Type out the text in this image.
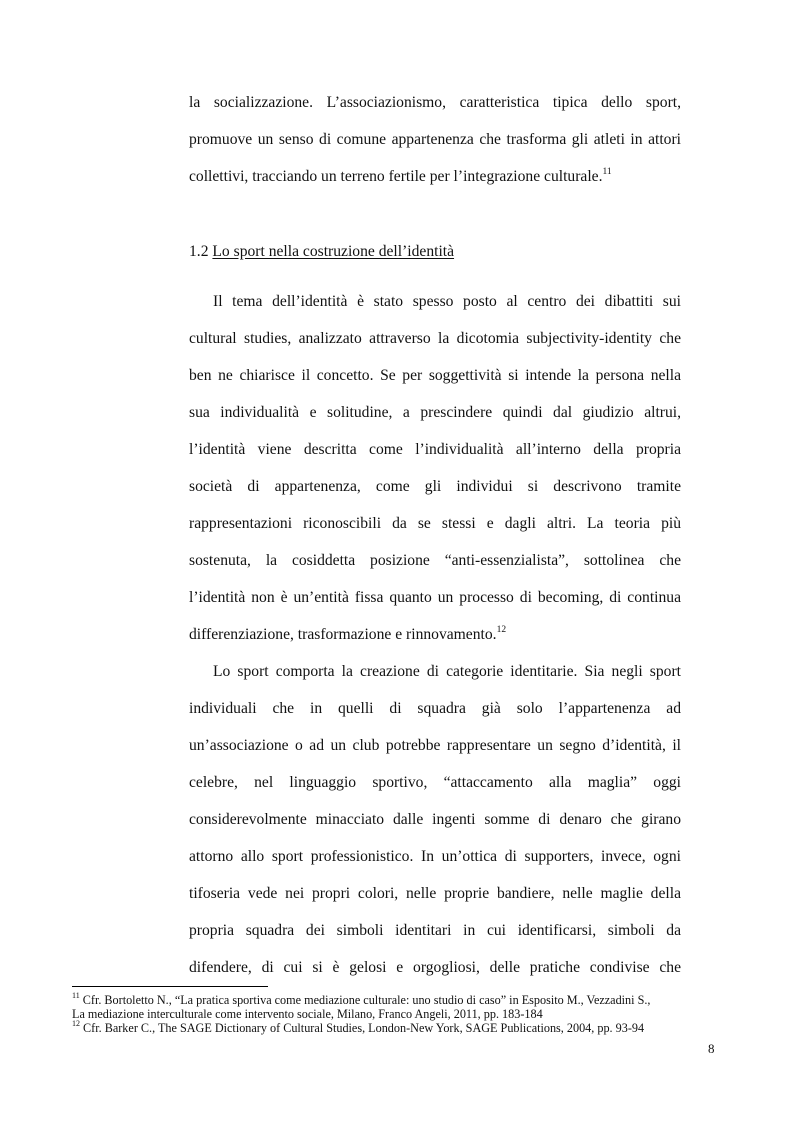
la socializzazione. L’associazionismo, caratteristica tipica dello sport,
promuove un senso di comune appartenenza che trasforma gli atleti in attori
collettivi, tracciando un terreno fertile per l’integrazione culturale.$^{11}$
1.2 Lo sport nella costruzione dell’identità
Il tema dell’identità è stato spesso posto al centro dei dibattiti sui
cultural studies, analizzato attraverso la dicotomia subjectivity-identity che
ben ne chiarisce il concetto. Se per soggettività si intende la persona nella
sua individualità e solitudine, a prescindere quindi dal giudizio altrui,
l’identità viene descritta come l’individualità all’interno della propria
società di appartenenza, come gli individui si descrivono tramite
rappresentazioni riconoscibili da se stessi e dagli altri. La teoria più
sostenuta, la cosiddetta posizione “anti-essenzialista”, sottolinea che
l’identità non è un’entità fissa quanto un processo di becoming, di continua
differenziazione, trasformazione e rinnovamento.$^{12}$
Lo sport comporta la creazione di categorie identitarie. Sia negli sport
individuali che in quelli di squadra già solo l’appartenenza ad
un’associazione o ad un club potrebbe rappresentare un segno d’identità, il
celebre, nel linguaggio sportivo, “attaccamento alla maglia” oggi
considerevolmente minacciato dalle ingenti somme di denaro che girano
attorno allo sport professionistico. In un’ottica di supporters, invece, ogni
tifoseria vede nei propri colori, nelle proprie bandiere, nelle maglie della
propria squadra dei simboli identitari in cui identificarsi, simboli da
difendere, di cui si è gelosi e orgogliosi, delle pratiche condivise che
$^{11}$ Cfr. Bortoletto N., “La pratica sportiva come mediazione culturale: uno studio di caso” in Esposito M., Vezzadini S.,
La mediazione interculturale come intervento sociale, Milano, Franco Angeli, 2011, pp. 183-184
$^{12}$ Cfr. Barker C., The SAGE Dictionary of Cultural Studies, London-New York, SAGE Publications, 2004, pp. 93-94
8
